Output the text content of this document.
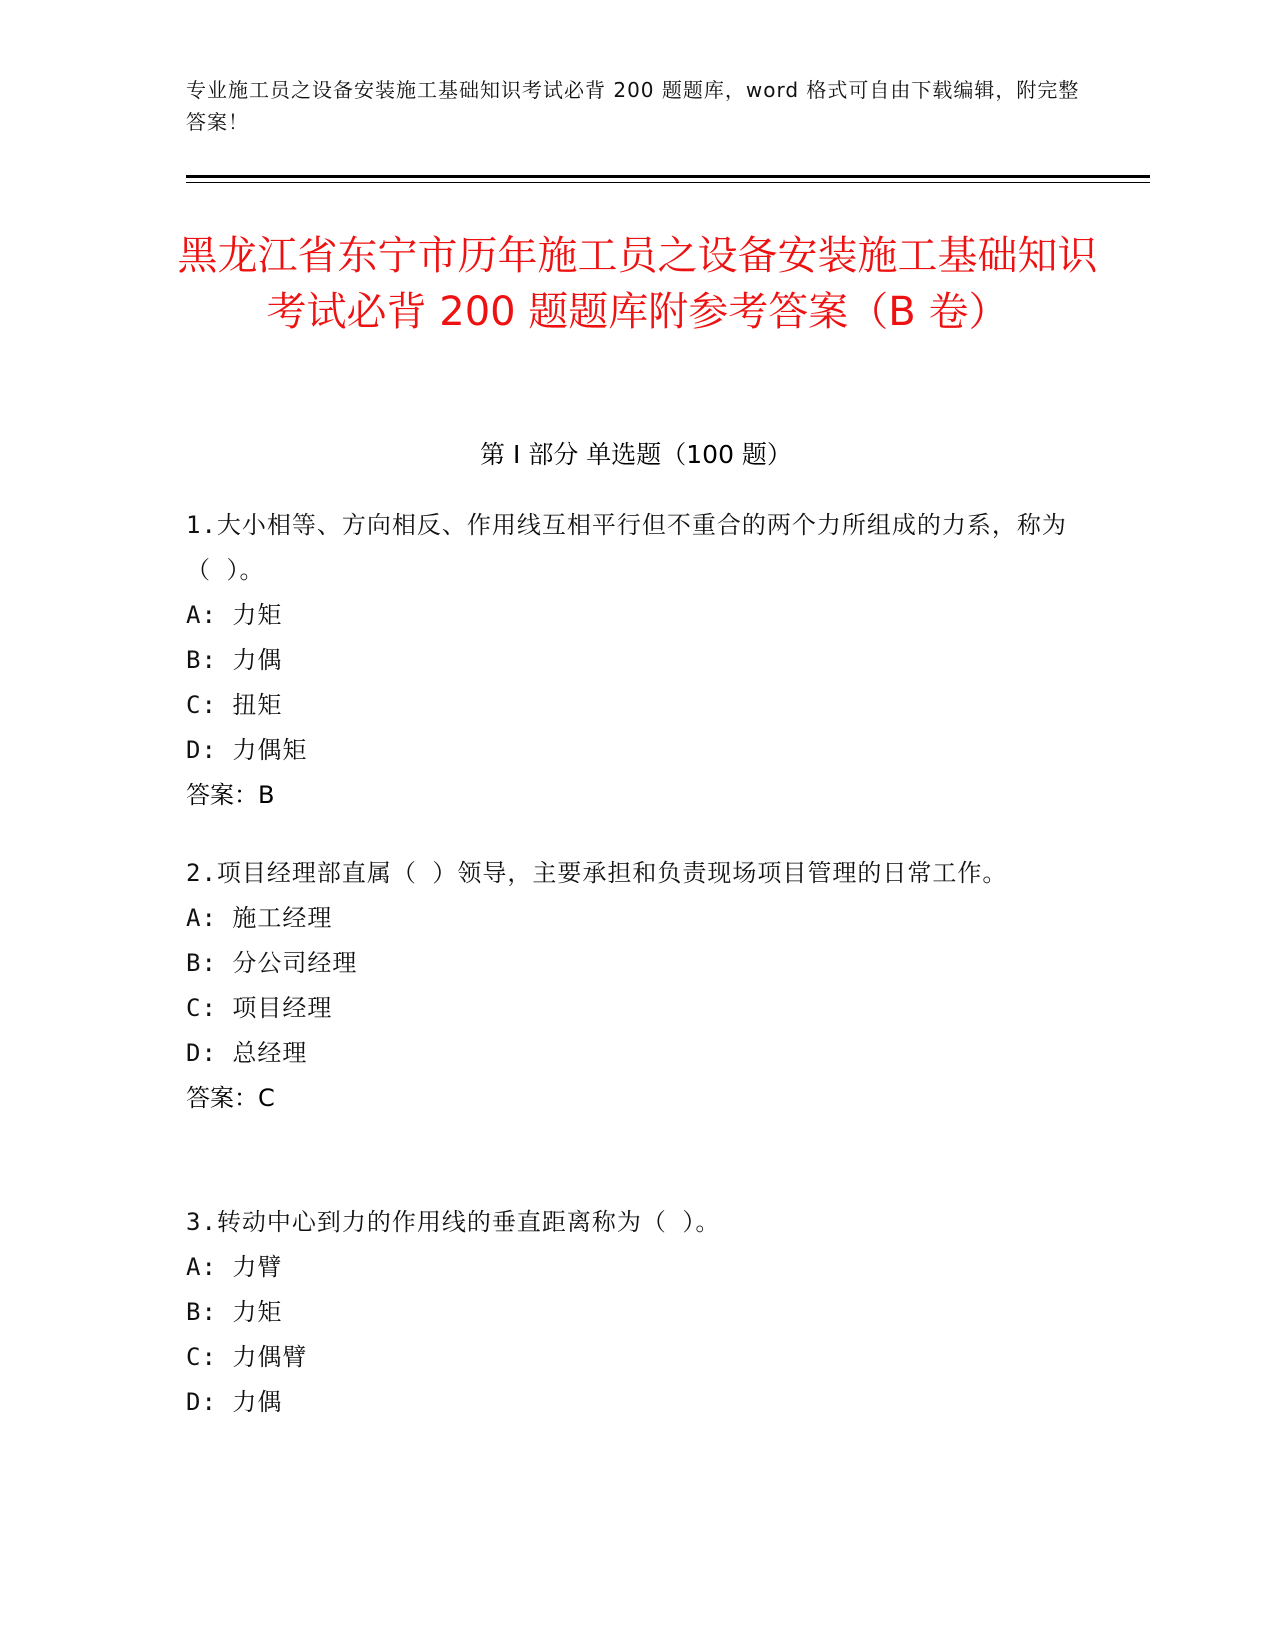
专业施工员之设备安装施工基础知识考试必背 200 题题库，word 格式可自由下载编辑，附完整答案！
黑龙江省东宁市历年施工员之设备安装施工基础知识考试必背 200 题题库附参考答案（B 卷）
第 I 部分 单选题（100 题）
1.大小相等、方向相反、作用线互相平行但不重合的两个力所组成的力系，称为（ ）。
A: 力矩
B: 力偶
C: 扭矩
D: 力偶矩
答案：B
2.项目经理部直属（ ）领导，主要承担和负责现场项目管理的日常工作。
A: 施工经理
B: 分公司经理
C: 项目经理
D: 总经理
答案：C
3.转动中心到力的作用线的垂直距离称为（ ）。
A: 力臂
B: 力矩
C: 力偶臂
D: 力偶
